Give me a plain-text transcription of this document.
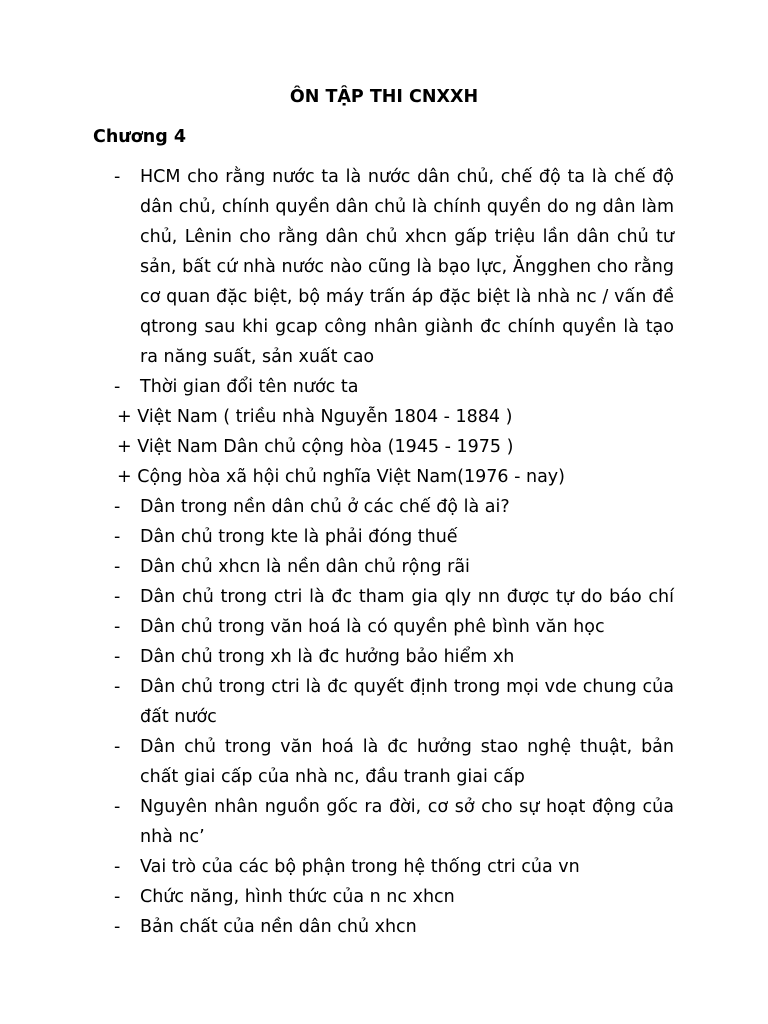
ÔN TẬP THI CNXXH
Chương 4
- HCM cho rằng nước ta là nước dân chủ, chế độ ta là chế độ dân chủ, chính quyền dân chủ là chính quyền do ng dân làm chủ, Lênin cho rằng dân chủ xhcn gấp triệu lần dân chủ tư sản, bất cứ nhà nước nào cũng là bạo lực, Ăngghen cho rằng cơ quan đặc biệt, bộ máy trấn áp đặc biệt là nhà nc / vấn đề qtrong sau khi gcap công nhân giành đc chính quyền là tạo ra năng suất, sản xuất cao
- Thời gian đổi tên nước ta
+ Việt Nam ( triều nhà Nguyễn 1804 - 1884 )
+ Việt Nam Dân chủ cộng hòa (1945 - 1975 )
+ Cộng hòa xã hội chủ nghĩa Việt Nam(1976 - nay)
- Dân trong nền dân chủ ở các chế độ là ai?
- Dân chủ trong kte là phải đóng thuế
- Dân chủ xhcn là nền dân chủ rộng rãi
- Dân chủ trong ctri là đc tham gia qly nn được tự do báo chí
- Dân chủ trong văn hoá là có quyền phê bình văn học
- Dân chủ trong xh là đc hưởng bảo hiểm xh
- Dân chủ trong ctri là đc quyết định trong mọi vde chung của đất nước
- Dân chủ trong văn hoá là đc hưởng stao nghệ thuật, bản chất giai cấp của nhà nc, đầu tranh giai cấp
- Nguyên nhân nguồn gốc ra đời, cơ sở cho sự hoạt động của nhà nc’
- Vai trò của các bộ phận trong hệ thống ctri của vn
- Chức năng, hình thức của n nc xhcn
- Bản chất của nền dân chủ xhcn
